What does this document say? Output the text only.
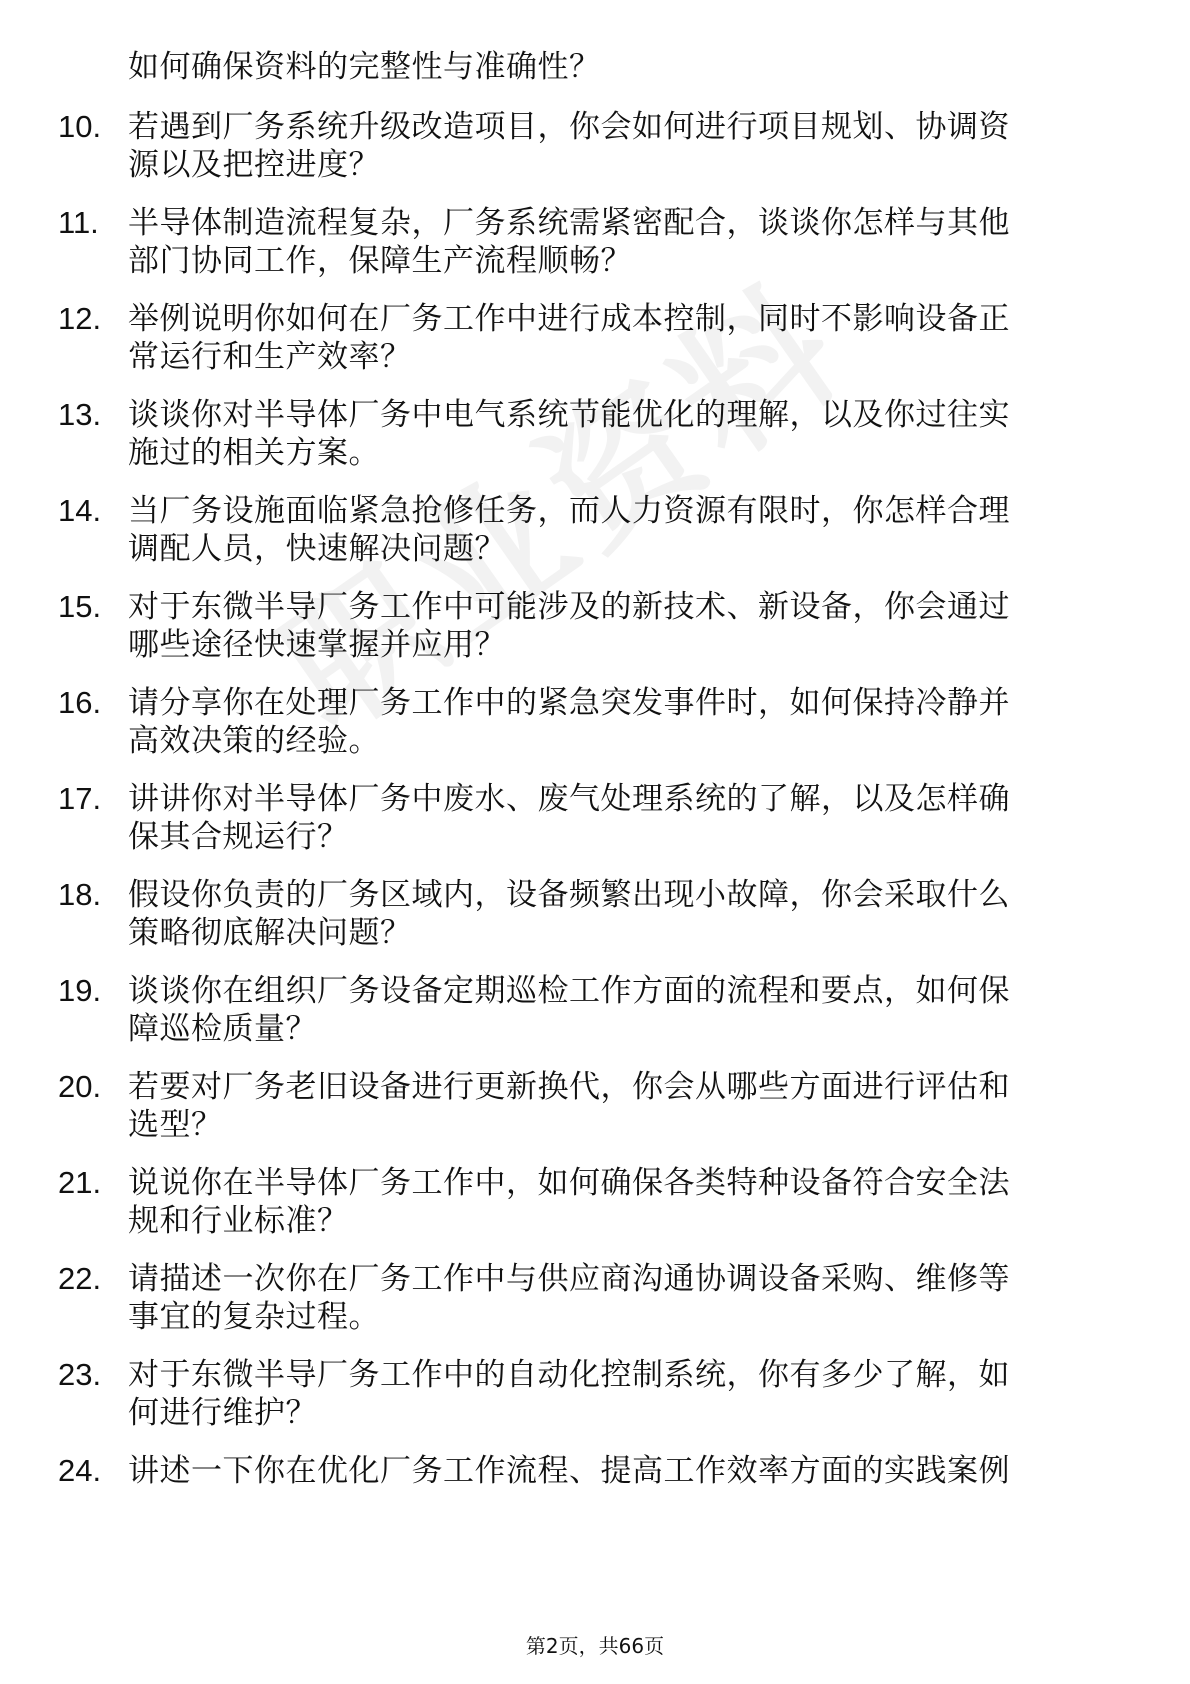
如何确保资料的完整性与准确性？
10. 若遇到厂务系统升级改造项目，你会如何进行项目规划、协调资
源以及把控进度？
11. 半导体制造流程复杂，厂务系统需紧密配合，谈谈你怎样与其他
部门协同工作，保障生产流程顺畅？
12. 举例说明你如何在厂务工作中进行成本控制，同时不影响设备正
常运行和生产效率？
13. 谈谈你对半导体厂务中电气系统节能优化的理解，以及你过往实
施过的相关方案。
14. 当厂务设施面临紧急抢修任务，而人力资源有限时，你怎样合理
调配人员，快速解决问题？
15. 对于东微半导厂务工作中可能涉及的新技术、新设备，你会通过
哪些途径快速掌握并应用？
16. 请分享你在处理厂务工作中的紧急突发事件时，如何保持冷静并
高效决策的经验。
17. 讲讲你对半导体厂务中废水、废气处理系统的了解，以及怎样确
保其合规运行？
18. 假设你负责的厂务区域内，设备频繁出现小故障，你会采取什么
策略彻底解决问题？
19. 谈谈你在组织厂务设备定期巡检工作方面的流程和要点，如何保
障巡检质量？
20. 若要对厂务老旧设备进行更新换代，你会从哪些方面进行评估和
选型？
21. 说说你在半导体厂务工作中，如何确保各类特种设备符合安全法
规和行业标准？
22. 请描述一次你在厂务工作中与供应商沟通协调设备采购、维修等
事宜的复杂过程。
23. 对于东微半导厂务工作中的自动化控制系统，你有多少了解，如
何进行维护？
24. 讲述一下你在优化厂务工作流程、提高工作效率方面的实践案例
第2页，共66页
